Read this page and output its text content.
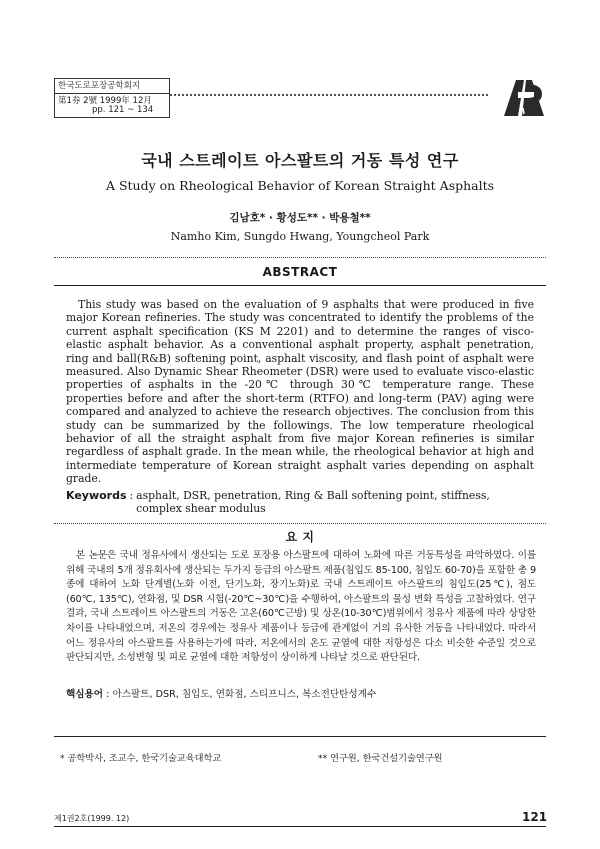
한국도로포장공학회지
第1券 2號 1999年 12月
pp. 121 ~ 134
국내 스트레이트 아스팔트의 거동 특성 연구
A Study on Rheological Behavior of Korean Straight Asphalts
김남호* · 황성도** · 박용철**
Namho Kim, Sungdo Hwang, Youngcheol Park
ABSTRACT
This study was based on the evaluation of 9 asphalts that were produced in five major Korean refineries. The study was concentrated to identify the problems of the current asphalt specification (KS M 2201) and to determine the ranges of visco-elastic asphalt behavior. As a conventional asphalt property, asphalt penetration, ring and ball(R&B) softening point, asphalt viscosity, and flash point of asphalt were measured. Also Dynamic Shear Rheometer (DSR) were used to evaluate visco-elastic properties of asphalts in the -20℃ through 30℃ temperature range. These properties before and after the short-term (RTFO) and long-term (PAV) aging were compared and analyzed to achieve the research objectives. The conclusion from this study can be summarized by the followings. The low temperature rheological behavior of all the straight asphalt from five major Korean refineries is similar regardless of asphalt grade. In the mean while, the rheological behavior at high and intermediate temperature of Korean straight asphalt varies depending on asphalt grade.
Keywords : asphalt, DSR, penetration, Ring & Ball softening point, stiffness, complex shear modulus
요 지
본 논문은 국내 정유사에서 생산되는 도로 포장용 아스팔트에 대하여 노화에 따른 거동특성을 파악하였다. 이를 위해 국내의 5개 정유회사에 생산되는 두가지 등급의 아스팔트 제품(침입도 85-100, 침입도 60-70)을 포함한 총 9종에 대하여 노화 단계별(노화 이전, 단기노화, 장기노화)로 국내 스트레이트 아스팔트의 침입도(25℃), 점도(60℃, 135℃), 연화점, 및 DSR 시험(-20℃~30℃)을 수행하여, 아스팔트의 물성 변화 특성을 고찰하였다. 연구 결과, 국내 스트레이트 아스팔트의 거동은 고온(60℃근방) 및 상온(10-30℃)범위에서 정유사 제품에 따라 상당한 차이를 나타내었으며, 저온의 경우에는 정유사 제품이나 등급에 관계없이 거의 유사한 거동을 나타내었다. 따라서 어느 정유사의 아스팔트를 사용하는가에 따라, 저온에서의 온도 균열에 대한 저항성은 다소 비슷한 수준일 것으로 판단되지만, 소성변형 및 피로 균열에 대한 저항성이 상이하게 나타날 것으로 판단된다.
핵심용어 : 아스팔트, DSR, 침입도, 연화점, 스티프니스, 복소전단탄성계수
* 공학박사, 조교수, 한국기술교육대학교	** 연구원, 한국건설기술연구원
제1권2호(1999. 12)	121
